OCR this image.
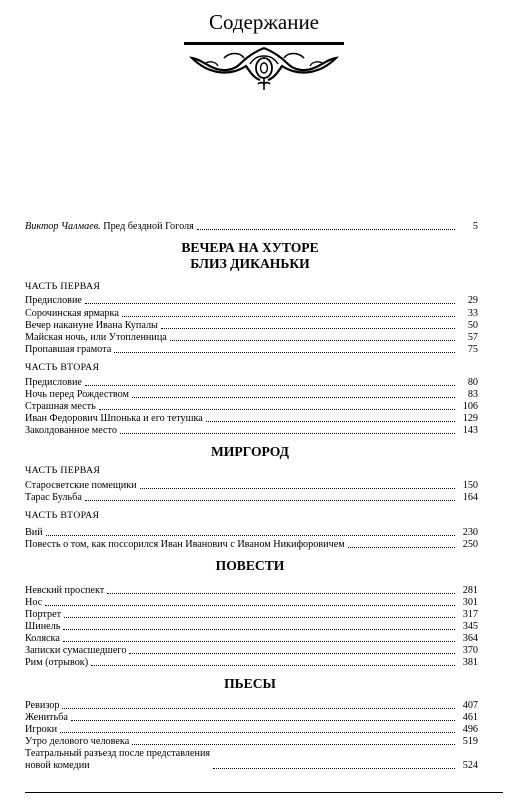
Содержание
Виктор Чалмаев. Пред бездной Гоголя	5
ВЕЧЕРА НА ХУТОРЕ
БЛИЗ ДИКАНЬКИ
ЧАСТЬ ПЕРВАЯ
Предисловие	29
Сорочинская ярмарка	33
Вечер накануне Ивана Купалы	50
Майская ночь, или Утопленница	57
Пропавшая грамота	75
ЧАСТЬ ВТОРАЯ
Предисловие	80
Ночь перед Рождеством	83
Страшная месть	106
Иван Федорович Шпонька и его тетушка	129
Заколдованное место	143
МИРГОРОД
ЧАСТЬ ПЕРВАЯ
Старосветские помещики	150
Тарас Бульба	164
ЧАСТЬ ВТОРАЯ
Вий	230
Повесть о том, как поссорился Иван Иванович с Иваном Никифоровичем	250
ПОВЕСТИ
Невский проспект	281
Нос	301
Портрет	317
Шинель	345
Коляска	364
Записки сумасшедшего	370
Рим (отрывок)	381
ПЬЕСЫ
Ревизор	407
Женитьба	461
Игроки	496
Утро делового человека	519
Театральный разъезд после представления
новой комедии	524
